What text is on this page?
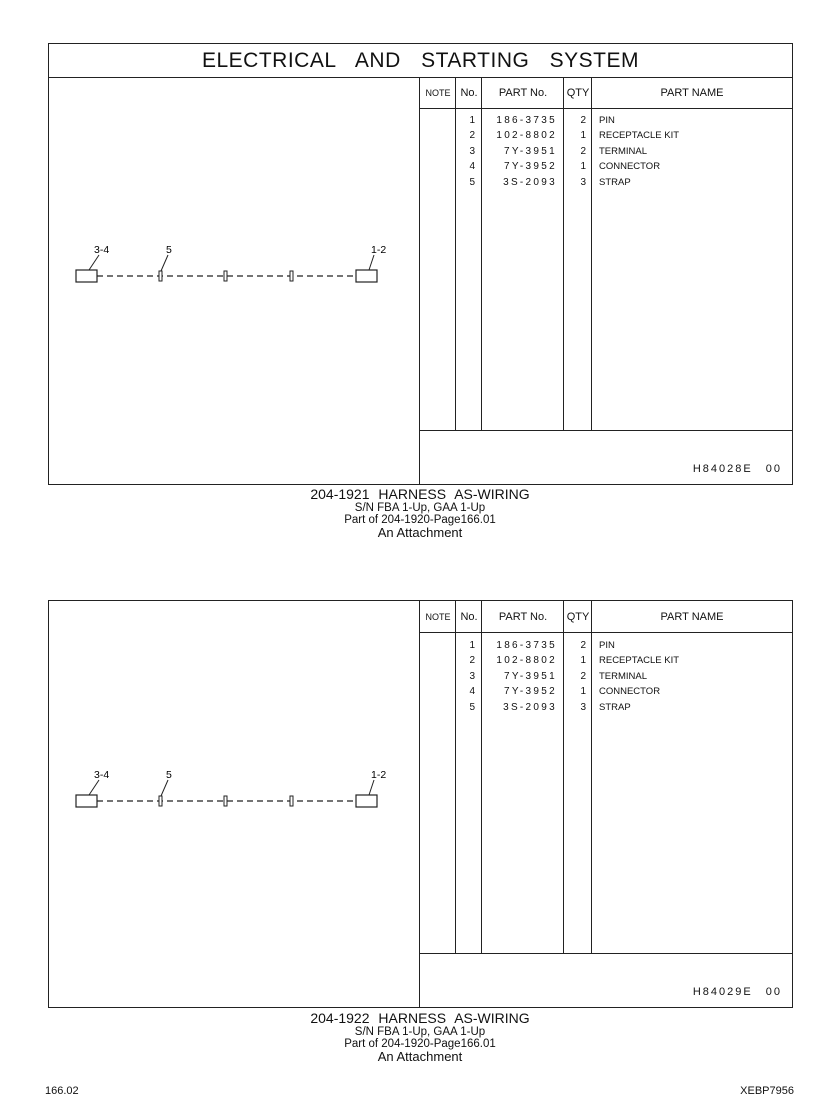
ELECTRICAL AND STARTING SYSTEM
3-4	5	1-2
NOTE No.	PART No.	QTY	PART NAME
1	186-3735	2 PIN
2	102-8802	1 RECEPTACLE KIT
3	7Y-3951	2 TERMINAL
4	7Y-3952	1 CONNECTOR
5	3S-2093	3 STRAP
H84028E 00
204-1921 HARNESS AS-WIRING
S/N FBA 1-Up, GAA 1-Up
Part of 204-1920-Page166.01
An Attachment
3-4	5	1-2
NOTE No.	PART No.	QTY	PART NAME
1	186-3735	2 PIN
2	102-8802	1 RECEPTACLE KIT
3	7Y-3951	2 TERMINAL
4	7Y-3952	1 CONNECTOR
5	3S-2093	3 STRAP
H84029E 00
204-1922 HARNESS AS-WIRING
S/N FBA 1-Up, GAA 1-Up
Part of 204-1920-Page166.01
An Attachment
166.02	XEBP7956
